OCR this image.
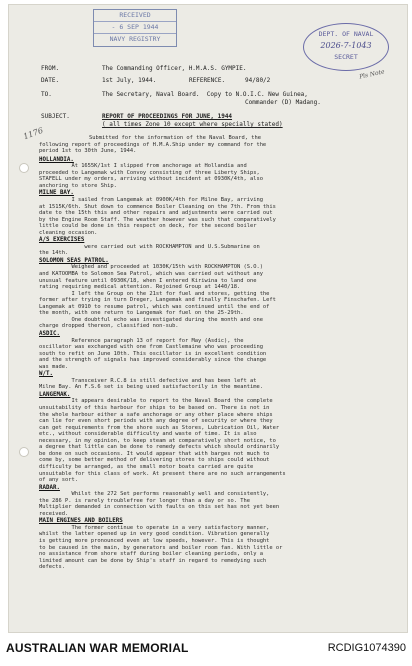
RECEIVED
- 6 SEP 1944
NAVY REGISTRY
DEPT. OF NAVAL
2026-7-1043
SECRET
Pls Note
1176
FROM.	The Commanding Officer, H.M.A.S. GYMPIE.
DATE.	1st July, 1944.	REFERENCE.	94/80/2
TO.	The Secretary, Naval Board.  Copy to N.O.I.C. New Guinea,
Commander (D) Madang.
SUBJECT.	REPORT OF PROCEEDINGS FOR JUNE, 1944
( all times Zone 10 except where specially stated)
Submitted for the information of the Naval Board, the
following report of proceedings of H.M.A.Ship under my command for the
period 1st to 30th June, 1944.
HOLLANDIA.
At 1655K/1st I slipped from anchorage at Hollandia and
proceeded to Langemak with Convoy consisting of three Liberty Ships,
STAFELL under my orders, arriving without incident at 0930K/4th, also
anchoring to store Ship.
MILNE BAY.
I sailed from Langemak at 0900K/4th for Milne Bay, arriving
at 1515K/6th. Shut down to commence Boiler Cleaning on the 7th. From this
date to the 15th this and other repairs and adjustments were carried out
by the Engine Room Staff. The weather however was such that comparatively
little could be done in this respect on deck, for the second boiler
cleaning occasion.
A/S EXERCISES
were carried out with ROCKHAMPTON and U.S.Submarine on
the 14th.
SOLOMON SEAS PATROL.
Weighed and proceeded at 1030K/15th with ROCKHAMPTON (S.O.)
and KATOOMBA to Solomon Sea Patrol, which was carried out without any
unusual feature until 0930K/18, when I entered Kiriwina to land one
rating requiring medical attention. Rejoined Group at 1440/18.
I left the Group on the 21st for fuel and stores, getting the
former after trying in turn Dreger, Langemak and finally Finschafen. Left
Langemak at 0910 to resume patrol, which was continued until the end of
the month, with one return to Langemak for fuel on the 25-29th.
One doubtful echo was investigated during the month and one
charge dropped thereon, classified non-sub.
ASDIC.
Reference paragraph 13 of report for May (Asdic), the
oscillator was exchanged with one from Castlemaine who was proceeding
south to refit on June 10th. This oscillator is in excellent condition
and the strength of signals has improved considerably since the change
was made.
W/T.
Transceiver R.C.8 is still defective and has been left at
Milne Bay. An F.S.6 set is being used satisfactorily in the meantime.
LANGEMAK.
It appears desirable to report to the Naval Board the complete
unsuitability of this harbour for ships to be based on. There is not in
the whole harbour either a safe anchorage or any other place where ships
can lie for even short periods with any degree of security or where they
can get requirements from the shore such as Stores, Lubrication Oil, Water
etc., without considerable difficulty and waste of time. It is also
necessary, in my opinion, to keep steam at comparatively short notice, to
a degree that little can be done to remedy defects which should ordinarily
be done on such occasions. It would appear that with barges not much to
come by, some better method of delivering stores to ships could without
difficulty be arranged, as the small motor boats carried are quite
unsuitable for this class of work. At present there are no such arrangements
of any sort.
RADAR.
Whilst the 272 Set performs reasonably well and consistently,
the 286 P. is rarely troublefree for longer than a day or so. The
Multiplier demanded in connection with faults on this set has not yet been
received.
MAIN ENGINES AND BOILERS
The former continue to operate in a very satisfactory manner,
whilst the latter opened up in very good condition. Vibration generally
is getting more pronounced even at low speeds, however. This is thought
to be caused in the main, by generators and boiler room fan. With little or
no assistance from shore staff during boiler cleaning periods, only a
limited amount can be done by Ship's staff in regard to remedying such
defects.
AUSTRALIAN WAR MEMORIAL	RCDIG1074390
